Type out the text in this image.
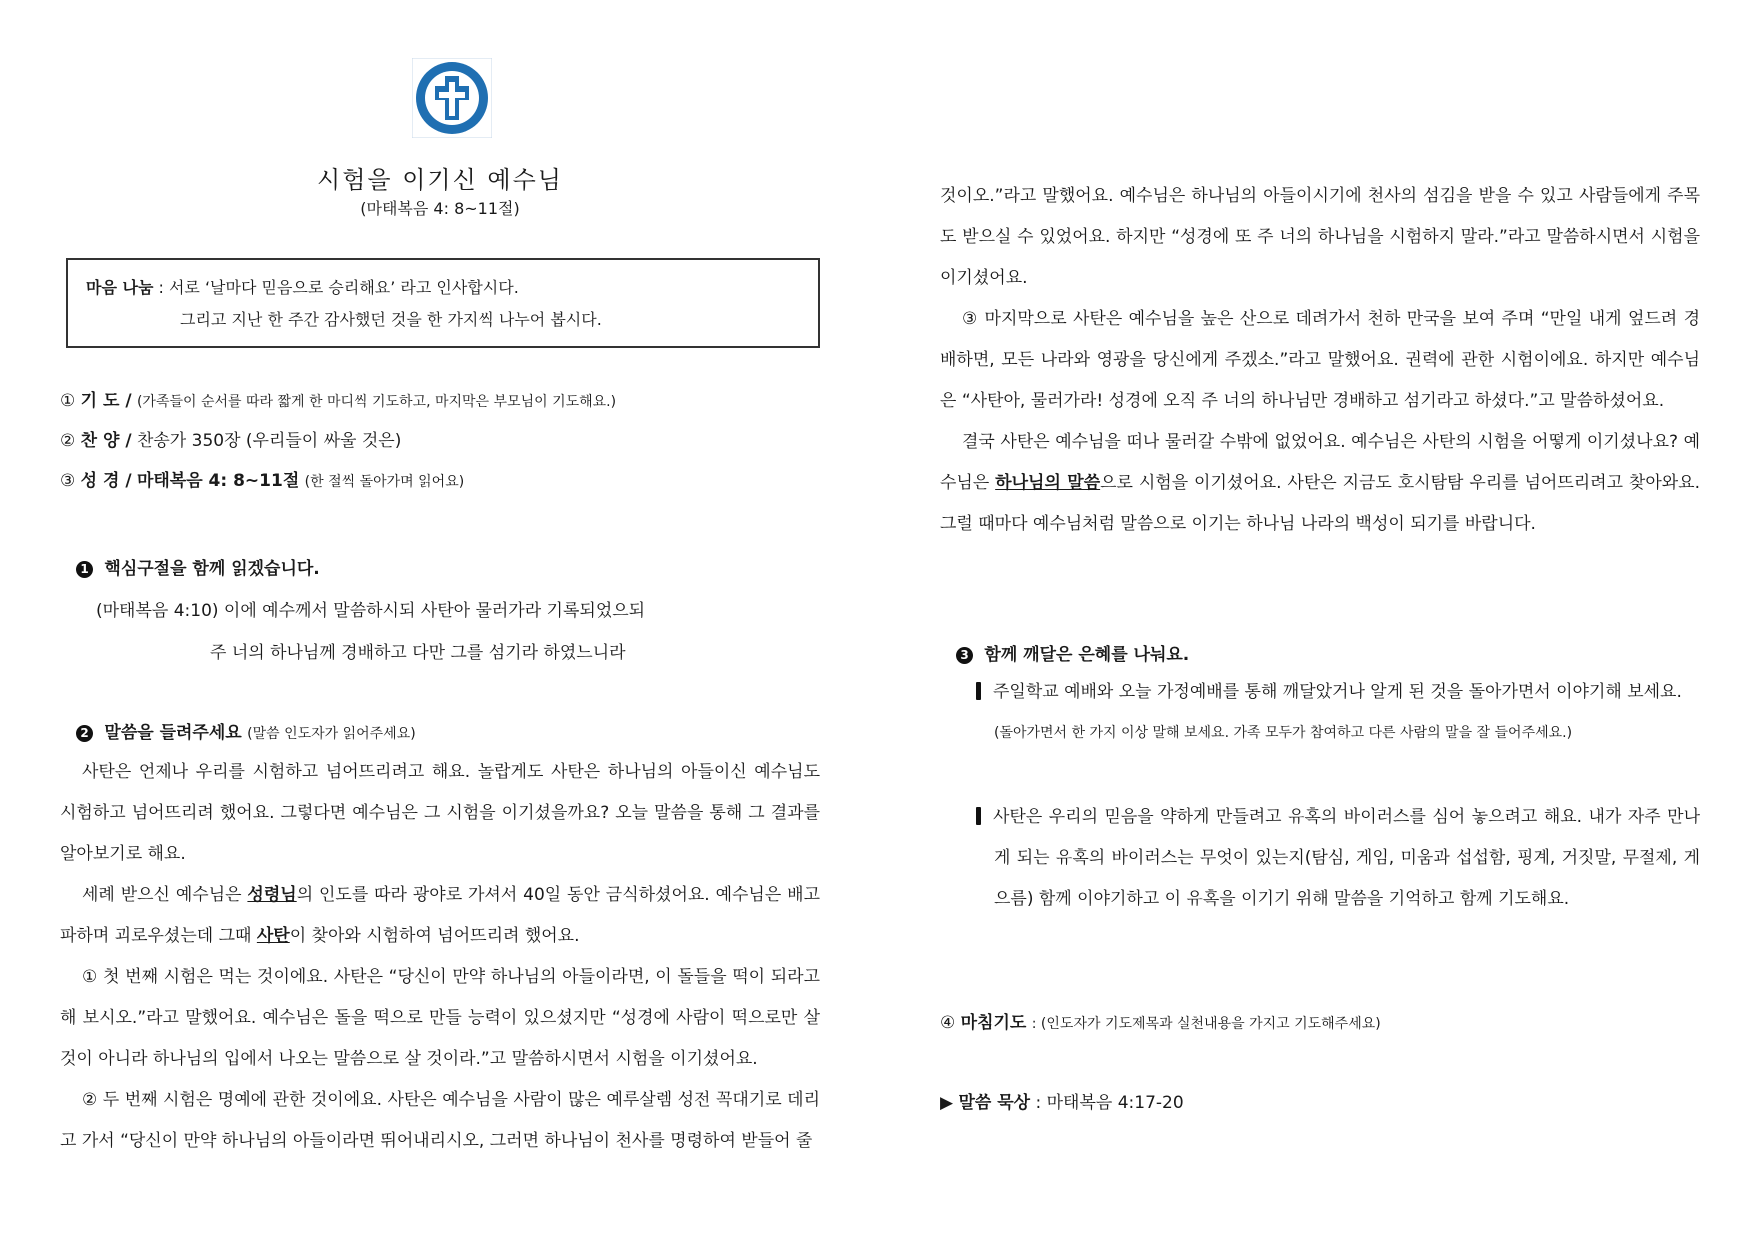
시험을 이기신 예수님
(마태복음 4: 8~11절)
마음 나눔 : 서로 ‘날마다 믿음으로 승리해요’ 라고 인사합시다.
그리고 지난 한 주간 감사했던 것을 한 가지씩 나누어 봅시다.
① 기 도 / (가족들이 순서를 따라 짧게 한 마디씩 기도하고, 마지막은 부모님이 기도해요.)
② 찬 양 / 찬송가 350장 (우리들이 싸울 것은)
③ 성 경 / 마태복음 4: 8~11절 (한 절씩 돌아가며 읽어요)
1 핵심구절을 함께 읽겠습니다.
(마태복음 4:10) 이에 예수께서 말씀하시되 사탄아 물러가라 기록되었으되
주 너의 하나님께 경배하고 다만 그를 섬기라 하였느니라
2 말씀을 들려주세요 (말씀 인도자가 읽어주세요)
사탄은 언제나 우리를 시험하고 넘어뜨리려고 해요. 놀랍게도 사탄은 하나님의 아들이신 예수님도 시험하고 넘어뜨리려 했어요. 그렇다면 예수님은 그 시험을 이기셨을까요? 오늘 말씀을 통해 그 결과를 알아보기로 해요.
세례 받으신 예수님은 성령님의 인도를 따라 광야로 가셔서 40일 동안 금식하셨어요. 예수님은 배고파하며 괴로우셨는데 그때 사탄이 찾아와 시험하여 넘어뜨리려 했어요.
① 첫 번째 시험은 먹는 것이에요. 사탄은 “당신이 만약 하나님의 아들이라면, 이 돌들을 떡이 되라고 해 보시오.”라고 말했어요. 예수님은 돌을 떡으로 만들 능력이 있으셨지만 “성경에 사람이 떡으로만 살 것이 아니라 하나님의 입에서 나오는 말씀으로 살 것이라.”고 말씀하시면서 시험을 이기셨어요.
② 두 번째 시험은 명예에 관한 것이에요. 사탄은 예수님을 사람이 많은 예루살렘 성전 꼭대기로 데리고 가서 “당신이 만약 하나님의 아들이라면 뛰어내리시오, 그러면 하나님이 천사를 명령하여 받들어 줄
것이오.”라고 말했어요. 예수님은 하나님의 아들이시기에 천사의 섬김을 받을 수 있고 사람들에게 주목도 받으실 수 있었어요. 하지만 “성경에 또 주 너의 하나님을 시험하지 말라.”라고 말씀하시면서 시험을 이기셨어요.
③ 마지막으로 사탄은 예수님을 높은 산으로 데려가서 천하 만국을 보여 주며 “만일 내게 엎드려 경배하면, 모든 나라와 영광을 당신에게 주겠소.”라고 말했어요. 권력에 관한 시험이에요. 하지만 예수님은 “사탄아, 물러가라! 성경에 오직 주 너의 하나님만 경배하고 섬기라고 하셨다.”고 말씀하셨어요.
결국 사탄은 예수님을 떠나 물러갈 수밖에 없었어요. 예수님은 사탄의 시험을 어떻게 이기셨나요? 예수님은 하나님의 말씀으로 시험을 이기셨어요. 사탄은 지금도 호시탐탐 우리를 넘어뜨리려고 찾아와요. 그럴 때마다 예수님처럼 말씀으로 이기는 하나님 나라의 백성이 되기를 바랍니다.
3 함께 깨달은 은혜를 나눠요.
주일학교 예배와 오늘 가정예배를 통해 깨달았거나 알게 된 것을 돌아가면서 이야기해 보세요.
(돌아가면서 한 가지 이상 말해 보세요. 가족 모두가 참여하고 다른 사람의 말을 잘 들어주세요.)
사탄은 우리의 믿음을 약하게 만들려고 유혹의 바이러스를 심어 놓으려고 해요. 내가 자주 만나게 되는 유혹의 바이러스는 무엇이 있는지(탐심, 게임, 미움과 섭섭함, 핑계, 거짓말, 무절제, 게으름) 함께 이야기하고 이 유혹을 이기기 위해 말씀을 기억하고 함께 기도해요.
④ 마침기도 : (인도자가 기도제목과 실천내용을 가지고 기도해주세요)
▶ 말씀 묵상 : 마태복음 4:17-20
